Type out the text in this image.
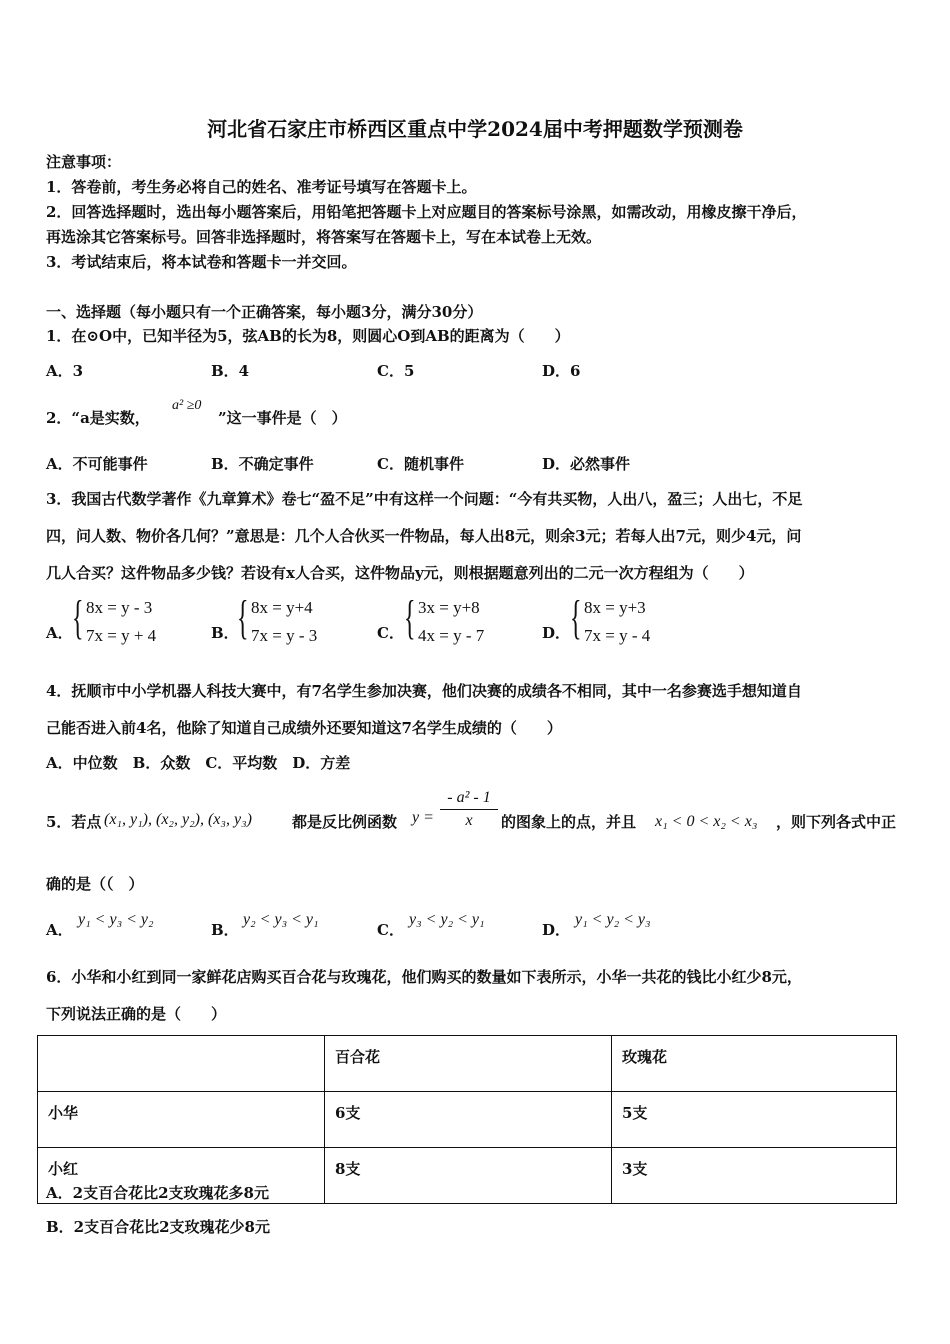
河北省石家庄市桥西区重点中学2024届中考押题数学预测卷
注意事项：
1．答卷前，考生务必将自己的姓名、准考证号填写在答题卡上。
2．回答选择题时，选出每小题答案后，用铅笔把答题卡上对应题目的答案标号涂黑，如需改动，用橡皮擦干净后，
再选涂其它答案标号。回答非选择题时，将答案写在答题卡上，写在本试卷上无效。
3．考试结束后，将本试卷和答题卡一并交回。
一、选择题（每小题只有一个正确答案，每小题3分，满分30分）
1．在⊙O中，已知半径为5，弦AB的长为8，则圆心O到AB的距离为（　　）
A．3	B．4	C．5	D．6
2．“a是实数，
a² ≥0
”这一事件是（　）
A．不可能事件	B．不确定事件	C．随机事件	D．必然事件
3．我国古代数学著作《九章算术》卷七“盈不足”中有这样一个问题：“今有共买物，人出八，盈三；人出七，不足
四，问人数、物价各几何？”意思是：几个人合伙买一件物品，每人出8元，则余3元；若每人出7元，则少4元，问
几人合买？这件物品多少钱？若设有x人合买，这件物品y元，则根据题意列出的二元一次方程组为（　　）
A． { 8x = y - 3
7x = y + 4	B．
{ 8x = y+4
7x = y - 3	C． { 3x = y+8
4x = y - 7	D． { 8x = y+3
7x = y - 4
4．抚顺市中小学机器人科技大赛中，有7名学生参加决赛，他们决赛的成绩各不相同，其中一名参赛选手想知道自
己能否进入前4名，他除了知道自己成绩外还要知道这7名学生成绩的（　　）
A．中位数　B．众数　C．平均数　D．方差
5．若点 (x₁, y₁), (x₂, y₂), (x₃, y₃)	都是反比例函数 y =
- a² - 1
x	的图象上的点，并且 x₁ < 0 < x₂ < x₃ ，则下列各式中正
确的是（（　）
A．
y₁ < y₃ < y₂
B．
y₂ < y₃ < y₁
C．
y₃ < y₂ < y₁
D．
y₁ < y₂ < y₃
6．小华和小红到同一家鲜花店购买百合花与玫瑰花，他们购买的数量如下表所示，小华一共花的钱比小红少8元，
下列说法正确的是（　　）
	百合花	玫瑰花
小华	6支	5支
小红	8支	3支
A．2支百合花比2支玫瑰花多8元
B．2支百合花比2支玫瑰花少8元
